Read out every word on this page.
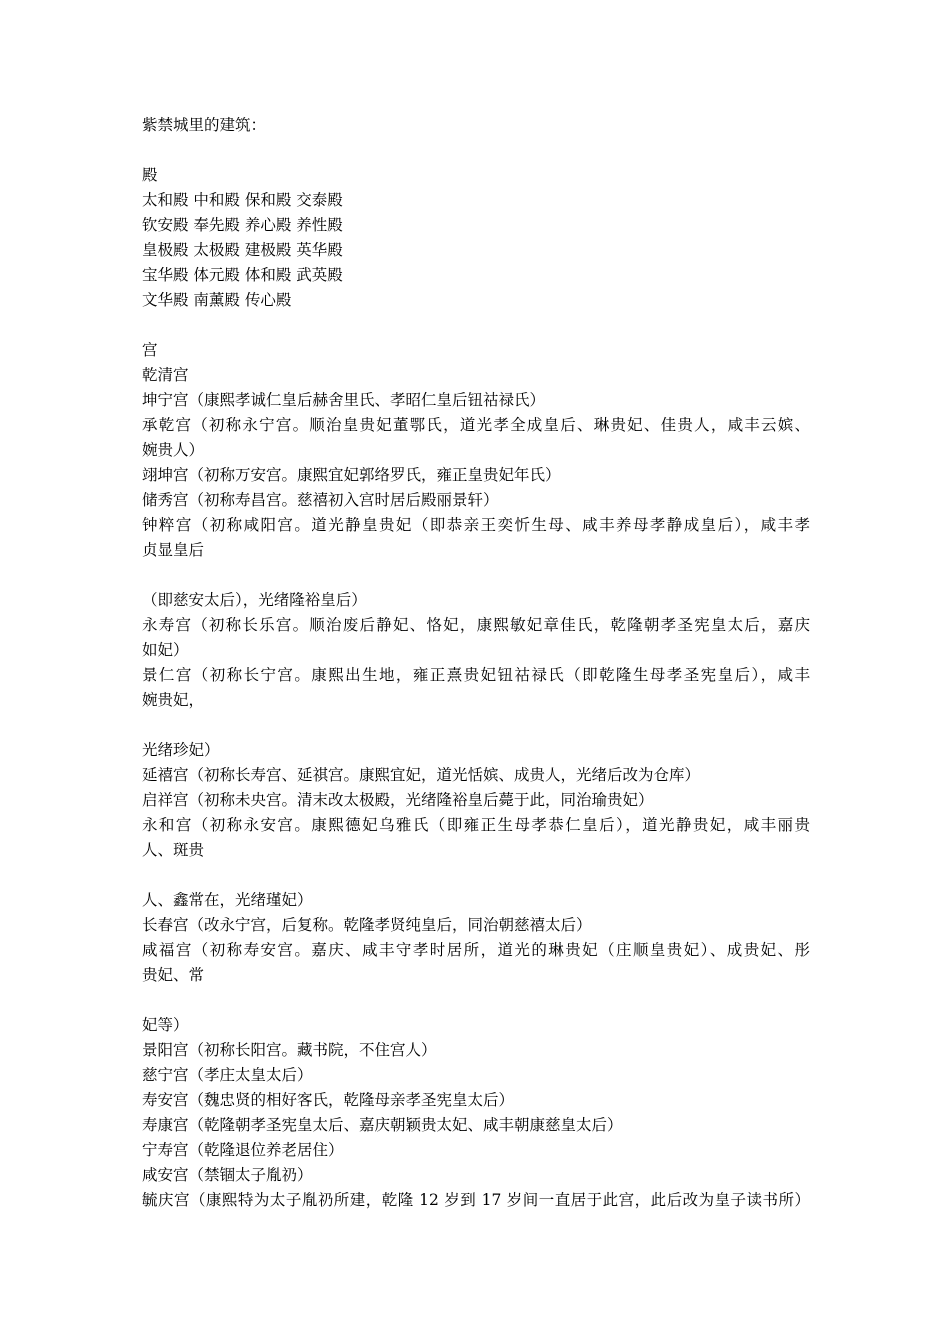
紫禁城里的建筑：
殿
太和殿 中和殿 保和殿 交泰殿
钦安殿 奉先殿 养心殿 养性殿
皇极殿 太极殿 建极殿 英华殿
宝华殿 体元殿 体和殿 武英殿
文华殿 南薰殿 传心殿
宫
乾清宫
坤宁宫（康熙孝诚仁皇后赫舍里氏、孝昭仁皇后钮祜禄氏）
承乾宫（初称永宁宫。顺治皇贵妃董鄂氏，道光孝全成皇后、琳贵妃、佳贵人，咸丰云嫔、
婉贵人）
翊坤宫（初称万安宫。康熙宜妃郭络罗氏，雍正皇贵妃年氏）
储秀宫（初称寿昌宫。慈禧初入宫时居后殿丽景轩）
钟粹宫（初称咸阳宫。道光静皇贵妃（即恭亲王奕忻生母、咸丰养母孝静成皇后），咸丰孝
贞显皇后
（即慈安太后），光绪隆裕皇后）
永寿宫（初称长乐宫。顺治废后静妃、恪妃，康熙敏妃章佳氏，乾隆朝孝圣宪皇太后，嘉庆
如妃）
景仁宫（初称长宁宫。康熙出生地，雍正熹贵妃钮祜禄氏（即乾隆生母孝圣宪皇后），咸丰
婉贵妃，
光绪珍妃）
延禧宫（初称长寿宫、延祺宫。康熙宜妃，道光恬嫔、成贵人，光绪后改为仓库）
启祥宫（初称未央宫。清末改太极殿，光绪隆裕皇后薨于此，同治瑜贵妃）
永和宫（初称永安宫。康熙德妃乌雅氏（即雍正生母孝恭仁皇后），道光静贵妃，咸丰丽贵
人、斑贵
人、鑫常在，光绪瑾妃）
长春宫（改永宁宫，后复称。乾隆孝贤纯皇后，同治朝慈禧太后）
咸福宫（初称寿安宫。嘉庆、咸丰守孝时居所，道光的琳贵妃（庄顺皇贵妃）、成贵妃、彤
贵妃、常
妃等）
景阳宫（初称长阳宫。藏书院，不住宫人）
慈宁宫（孝庄太皇太后）
寿安宫（魏忠贤的相好客氏，乾隆母亲孝圣宪皇太后）
寿康宫（乾隆朝孝圣宪皇太后、嘉庆朝颖贵太妃、咸丰朝康慈皇太后）
宁寿宫（乾隆退位养老居住）
咸安宫（禁锢太子胤礽）
毓庆宫（康熙特为太子胤礽所建，乾隆 12 岁到 17 岁间一直居于此宫，此后改为皇子读书所）
